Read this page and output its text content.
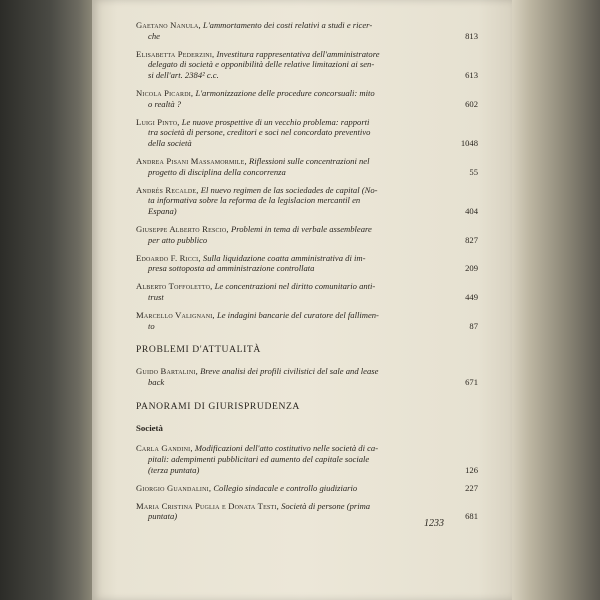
Gaetano Nanula, L'ammortamento dei costi relativi a studi e ricer-
che	813
Elisabetta Pederzini, Investitura rappresentativa dell'amministratore
delegato di società e opponibilità delle relative limitazioni ai sen-
si dell'art. 2384² c.c.	613
Nicola Picardi, L'armonizzazione delle procedure concorsuali: mito
o realtà ?	602
Luigi Pinto, Le nuove prospettive di un vecchio problema: rapporti
tra società di persone, creditori e soci nel concordato preventivo
della società	1048
Andrea Pisani Massamormile, Riflessioni sulle concentrazioni nel
progetto di disciplina della concorrenza	55
Andrés Recalde, El nuevo regimen de las sociedades de capital (No-
ta informativa sobre la reforma de la legislacion mercantil en
Espana)	404
Giuseppe Alberto Rescio, Problemi in tema di verbale assembleare
per atto pubblico	827
Edoardo F. Ricci, Sulla liquidazione coatta amministrativa di im-
presa sottoposta ad amministrazione controllata	209
Alberto Toffoletto, Le concentrazioni nel diritto comunitario anti-
trust	449
Marcello Valignani, Le indagini bancarie del curatore del fallimen-
to	87
PROBLEMI D'ATTUALITÀ
Guido Bartalini, Breve analisi dei profili civilistici del sale and lease
back	671
PANORAMI DI GIURISPRUDENZA
Società
Carla Gandini, Modificazioni dell'atto costitutivo nelle società di ca-
pitali: adempimenti pubblicitari ed aumento del capitale sociale
(terza puntata)	126
Giorgio Guandalini, Collegio sindacale e controllo giudiziario	227
Maria Cristina Puglia e Donata Testi, Società di persone (prima
puntata)	681
1233
